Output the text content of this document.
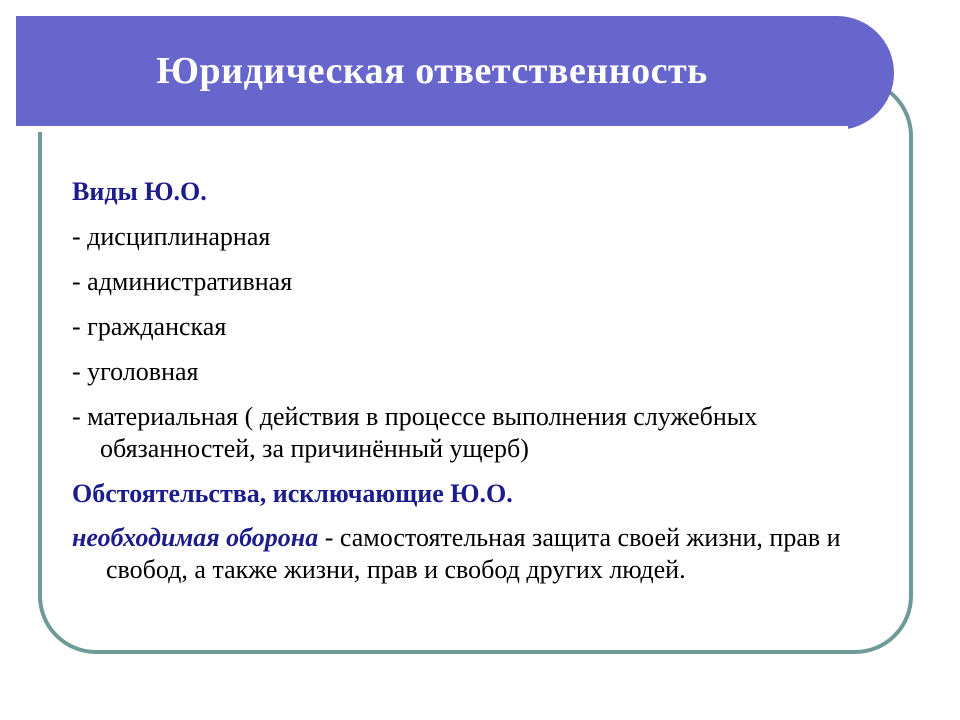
Юридическая ответственность
Виды Ю.О.
- дисциплинарная
- административная
- гражданская
- уголовная
- материальная ( действия в процессе выполнения служебных обязанностей, за причинённый ущерб)
Обстоятельства, исключающие Ю.О.
необходимая оборона - самостоятельная защита своей жизни, прав и свобод, а также жизни, прав и свобод других людей.
